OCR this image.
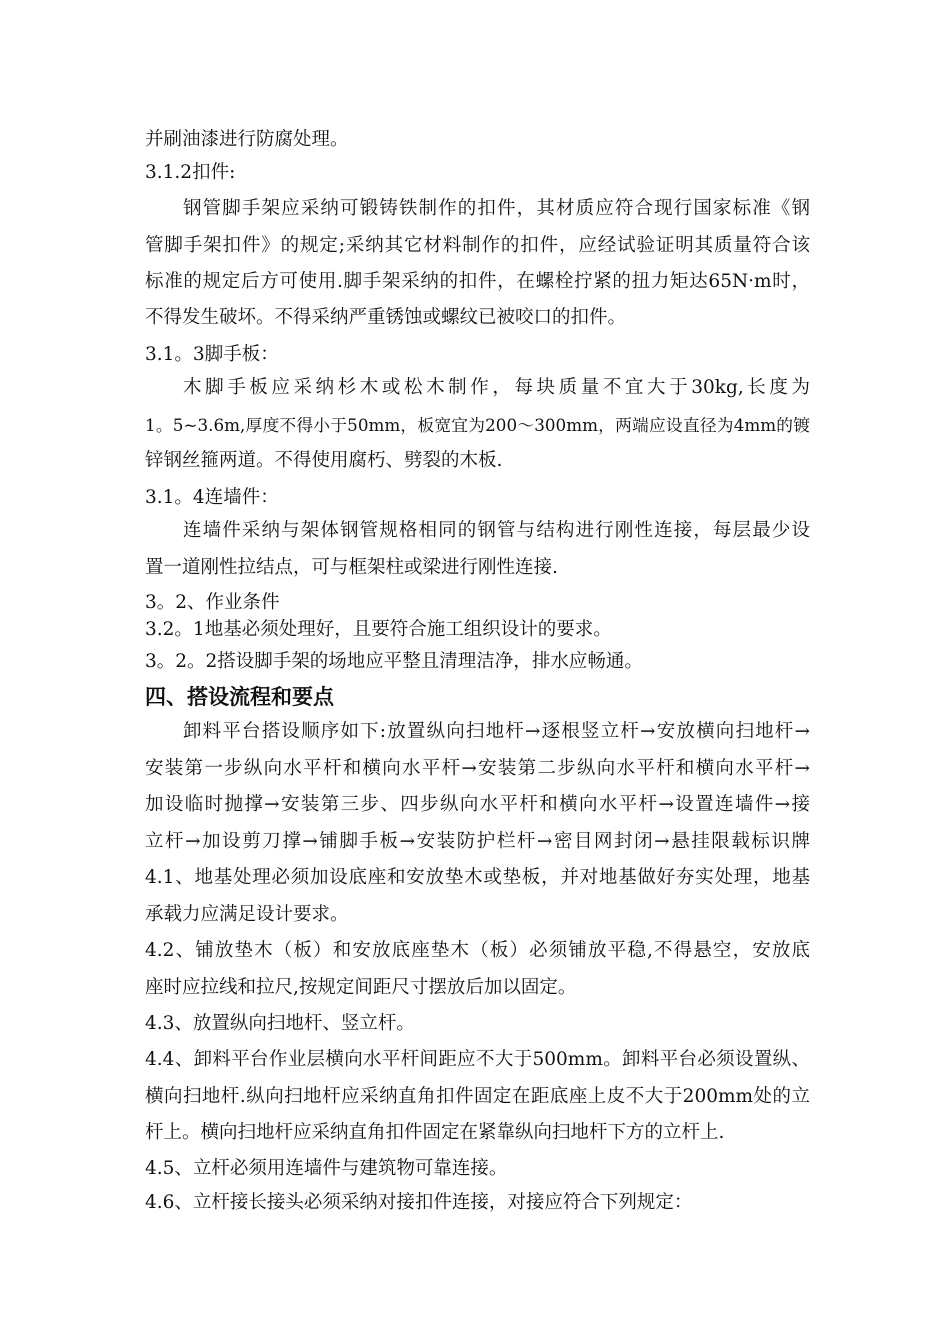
并刷油漆进行防腐处理。

3.1.2扣件:

钢管脚手架应采纳可锻铸铁制作的扣件，其材质应符合现行国家标准《钢

管脚手架扣件》的规定;采纳其它材料制作的扣件，应经试验证明其质量符合该

标准的规定后方可使用.脚手架采纳的扣件，在螺栓拧紧的扭力矩达65N·m时，

不得发生破坏。不得采纳严重锈蚀或螺纹已被咬口的扣件。

3.1。3脚手板：

木脚手板应采纳杉木或松木制作，每块质量不宜大于30kg,长度为

1。5~3.6m,厚度不得小于50mm，板宽宜为200～300mm，两端应设直径为4mm的镀

锌钢丝箍两道。不得使用腐朽、劈裂的木板.

3.1。4连墙件：

连墙件采纳与架体钢管规格相同的钢管与结构进行刚性连接，每层最少设

置一道刚性拉结点，可与框架柱或梁进行刚性连接.

3。2、作业条件

3.2。1地基必须处理好，且要符合施工组织设计的要求。

3。2。2搭设脚手架的场地应平整且清理洁净，排水应畅通。

四、搭设流程和要点

卸料平台搭设顺序如下:放置纵向扫地杆→逐根竖立杆→安放横向扫地杆→

安装第一步纵向水平杆和横向水平杆→安装第二步纵向水平杆和横向水平杆→

加设临时抛撑→安装第三步、四步纵向水平杆和横向水平杆→设置连墙件→接

立杆→加设剪刀撑→铺脚手板→安装防护栏杆→密目网封闭→悬挂限载标识牌

4.1、地基处理必须加设底座和安放垫木或垫板，并对地基做好夯实处理，地基

承载力应满足设计要求。

4.2、铺放垫木（板）和安放底座垫木（板）必须铺放平稳,不得悬空，安放底

座时应拉线和拉尺,按规定间距尺寸摆放后加以固定。

4.3、放置纵向扫地杆、竖立杆。

4.4、卸料平台作业层横向水平杆间距应不大于500mm。卸料平台必须设置纵、

横向扫地杆.纵向扫地杆应采纳直角扣件固定在距底座上皮不大于200mm处的立

杆上。横向扫地杆应采纳直角扣件固定在紧靠纵向扫地杆下方的立杆上.

4.5、立杆必须用连墙件与建筑物可靠连接。

4.6、立杆接长接头必须采纳对接扣件连接，对接应符合下列规定：
